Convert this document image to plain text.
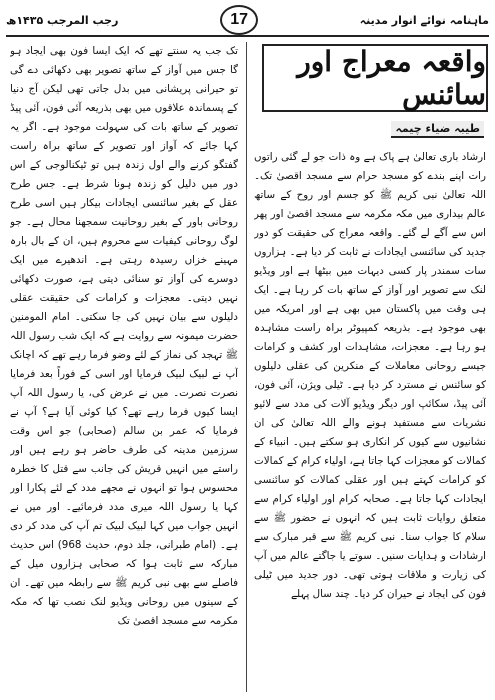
ماہنامہ نوائے انوار مدینہ
17
رجب المرجب ۱۴۳۵ھ
واقعہ معراج اور سائنس
طیبہ ضیاء چیمہ

ارشاد باری تعالیٰ ہے پاک ہے وہ ذات جو لے گئی راتوں رات اپنے بندے کو مسجد حرام سے مسجد اقصیٰ تک۔ اللہ تعالیٰ نبی کریم ﷺ کو جسم اور روح کے ساتھ عالم بیداری میں مکہ مکرمہ سے مسجد اقصیٰ اور پھر اس سے آگے لے گئے۔ واقعہ معراج کی حقیقت کو دور جدید کی سائنسی ایجادات نے ثابت کر دیا ہے۔ ہزاروں سات سمندر پار کسی دیہات میں بیٹھا ہے اور ویڈیو لنک سے تصویر اور آواز کے ساتھ بات کر رہا ہے۔ ایک ہی وقت میں پاکستان میں بھی ہے اور امریکہ میں بھی موجود ہے۔ بذریعہ کمپیوٹر براہ راست مشاہدہ ہو رہا ہے۔ معجزات، مشاہدات اور کشف و کرامات جیسے روحانی معاملات کے منکرین کی عقلی دلیلوں کو سائنس نے مسترد کر دیا ہے۔ ٹیلی ویژن، آئی فون، آئی پیڈ، سکائپ اور دیگر ویڈیو آلات کی مدد سے لائیو نشریات سے مستفید ہونے والے اللہ تعالیٰ کی ان نشانیوں سے کیوں کر انکاری ہو سکتے ہیں۔ انبیاء کے کمالات کو معجزات کہا جاتا ہے، اولیاء کرام کے کمالات کو کرامات کہتے ہیں اور عقلی کمالات کو سائنسی ایجادات کہا جاتا ہے۔ صحابہ کرام اور اولیاء کرام سے متعلق روایات ثابت ہیں کہ انہوں نے حضور ﷺ سے سلام کا جواب سنا۔ نبی کریم ﷺ سے قبر مبارک سے ارشادات و ہدایات سنیں۔ سوتے یا جاگتے عالم میں آپ کی زیارت و ملاقات ہوتی تھی۔ دور جدید میں ٹیلی فون کی ایجاد نے حیران کر دیا۔ چند سال پہلے

تک جب یہ سنتے تھے کہ ایک ایسا فون بھی ایجاد ہو گا جس میں آواز کے ساتھ تصویر بھی دکھائی دے گی تو حیرانی پریشانی میں بدل جاتی تھی لیکن آج دنیا کے پسماندہ علاقوں میں بھی بذریعہ آئی فون، آئی پیڈ تصویر کے ساتھ بات کی سہولت موجود ہے۔ اگر یہ کہا جائے کہ آواز اور تصویر کے ساتھ براہ راست گفتگو کرنے والے اول زندہ ہیں تو ٹیکنالوجی کے اس دور میں دلیل کو زندہ ہونا شرط ہے۔ جس طرح عقل کے بغیر سائنسی ایجادات بیکار ہیں اسی طرح روحانی باور کے بغیر روحانیت سمجھنا محال ہے۔ جو لوگ روحانی کیفیات سے محروم ہیں، ان کے بال بارہ مہینے خزاں رسیدہ رہتی ہے۔ اندھیرے میں ایک دوسرے کی آواز تو سنائی دیتی ہے، صورت دکھائی نہیں دیتی۔ معجزات و کرامات کی حقیقت عقلی دلیلوں سے بیان نہیں کی جا سکتی۔ امام المومنین حضرت میمونہ سے روایت ہے کہ ایک شب رسول اللہ ﷺ تہجد کی نماز کے لئے وضو فرما رہے تھے کہ اچانک آپ نے لبیک لبیک فرمایا اور اسی کے فوراً بعد فرمایا نصرت نصرت۔ میں نے عرض کی، یا رسول اللہ آپ ایسا کیوں فرما رہے تھے؟ کیا کوئی آیا ہے؟ آپ نے فرمایا کہ عمر بن سالم (صحابی) جو اس وقت سرزمین مدینہ کی طرف حاضر ہو رہے ہیں اور راستے میں انہیں قریش کی جانب سے قتل کا خطرہ محسوس ہوا تو انہوں نے مجھے مدد کے لئے پکارا اور کہا یا رسول اللہ میری مدد فرمائیے۔ اور میں نے انہیں جواب میں کہا لبیک لبیک تم آپ کی مدد کر دی ہے۔ (امام طبرانی، جلد دوم، حدیث 968) اس حدیث مبارکہ سے ثابت ہوا کہ صحابی ہزاروں میل کے فاصلے سے بھی نبی کریم ﷺ سے رابطہ میں تھے۔ ان کے سینوں میں روحانی ویڈیو لنک نصب تھا کہ مکہ مکرمہ سے مسجد اقصیٰ تک
